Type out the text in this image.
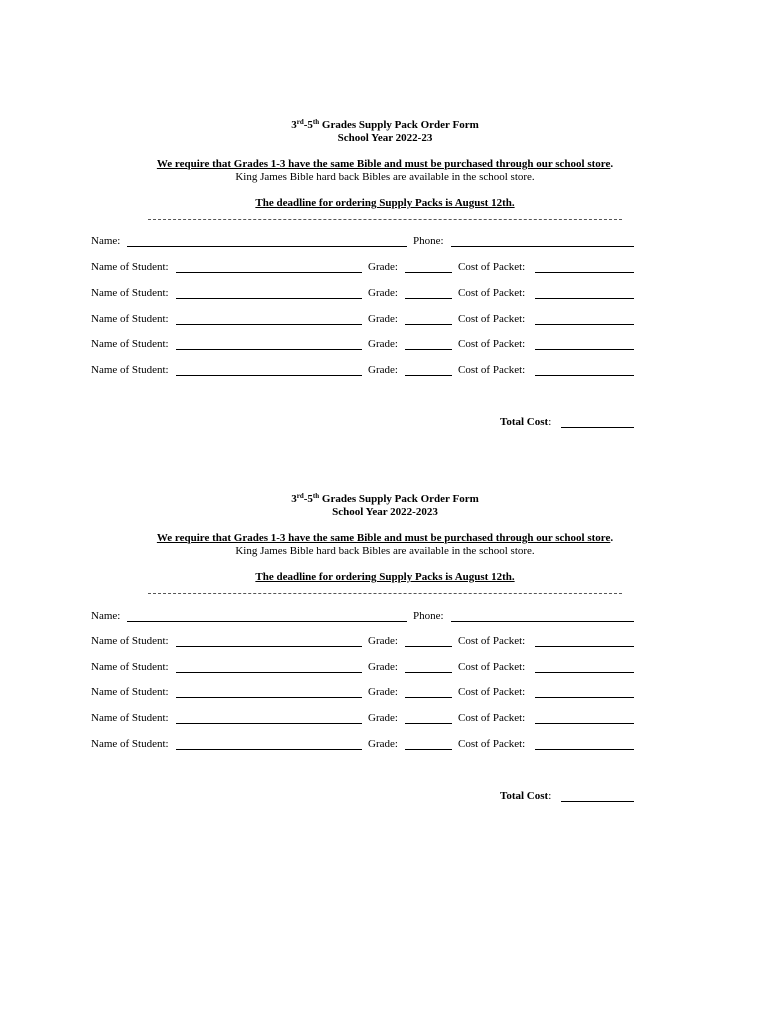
3rd-5th Grades Supply Pack Order Form
School Year 2022-23
We require that Grades 1-3 have the same Bible and must be purchased through our school store.
King James Bible hard back Bibles are available in the school store.
The deadline for ordering Supply Packs is August 12th.
Name:	Phone:
Name of Student:	Grade:	Cost of Packet:
Name of Student:	Grade:	Cost of Packet:
Name of Student:	Grade:	Cost of Packet:
Name of Student:	Grade:	Cost of Packet:
Name of Student:	Grade:	Cost of Packet:
Total Cost:
3rd-5th Grades Supply Pack Order Form
School Year 2022-2023
We require that Grades 1-3 have the same Bible and must be purchased through our school store.
King James Bible hard back Bibles are available in the school store.
The deadline for ordering Supply Packs is August 12th.
Name:	Phone:
Name of Student:	Grade:	Cost of Packet:
Name of Student:	Grade:	Cost of Packet:
Name of Student:	Grade:	Cost of Packet:
Name of Student:	Grade:	Cost of Packet:
Name of Student:	Grade:	Cost of Packet:
Total Cost:
